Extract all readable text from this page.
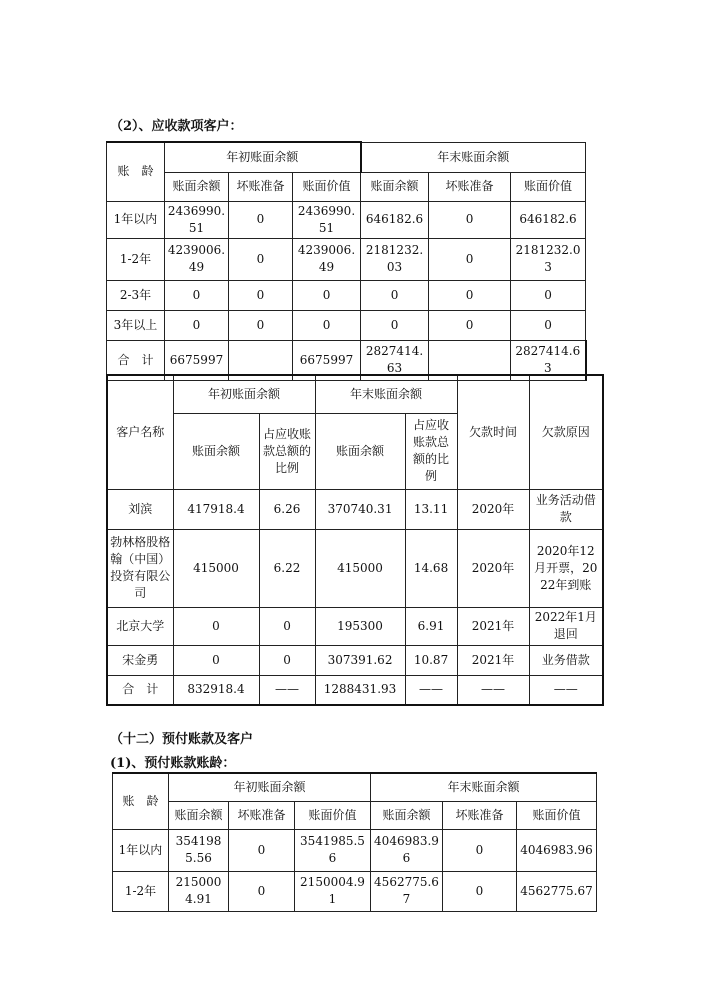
（2）、应收款项客户：

账　龄	年初账面余额			年末账面余额		
	账面余额	坏账准备	账面价值	账面余额	坏账准备	账面价值
1年以内	2436990.51	0	2436990.51	646182.6	0	646182.6
1-2年	4239006.49	0	4239006.49	2181232.03	0	2181232.03
2-3年	0	0	0	0	0	0
3年以上	0	0	0	0	0	0
合　计	6675997		6675997	2827414.63		2827414.63
客户名称	年初账面余额		年末账面余额		欠款时间	欠款原因
	账面余额	占应收账款总额的比例	账面余额	占应收账款总额的比例		
刘滨	417918.4	6.26	370740.31	13.11	2020年	业务活动借款
勃林格股格翰（中国）投资有限公司	415000	6.22	415000	14.68	2020年	2020年12月开票，2022年到账
北京大学	0	0	195300	6.91	2021年	2022年1月退回
宋金勇	0	0	307391.62	10.87	2021年	业务借款
合　计	832918.4	——	1288431.93	——	——	——

（十二）预付账款及客户

(1)、预付账款账龄：

账　龄	年初账面余额			年末账面余额		
	账面余额	坏账准备	账面价值	账面余额	坏账准备	账面价值
1年以内	3541985.56	0	3541985.56	4046983.96	0	4046983.96
1-2年	2150004.91	0	2150004.91	4562775.67	0	4562775.67
